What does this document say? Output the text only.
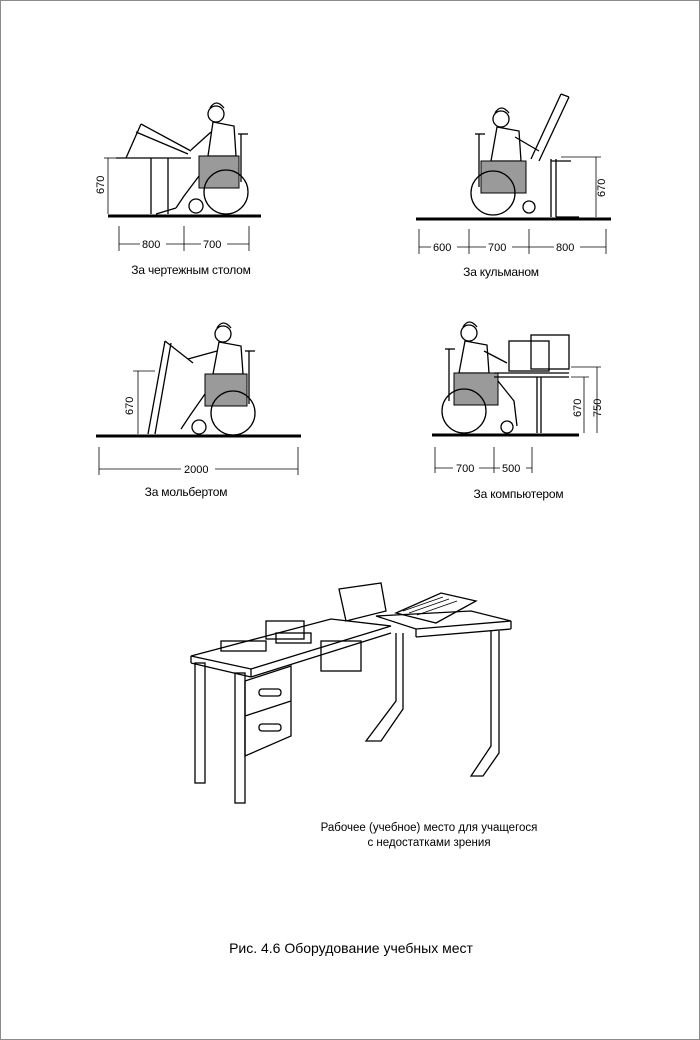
670
800	700
За чертежным столом
670
600	700	800
За кульманом
670
2000
За мольбертом
670 750
700	500
За компьютером
Рабочее (учебное) место для учащегося
с недостатками зрения
Рис. 4.6 Оборудование учебных мест
